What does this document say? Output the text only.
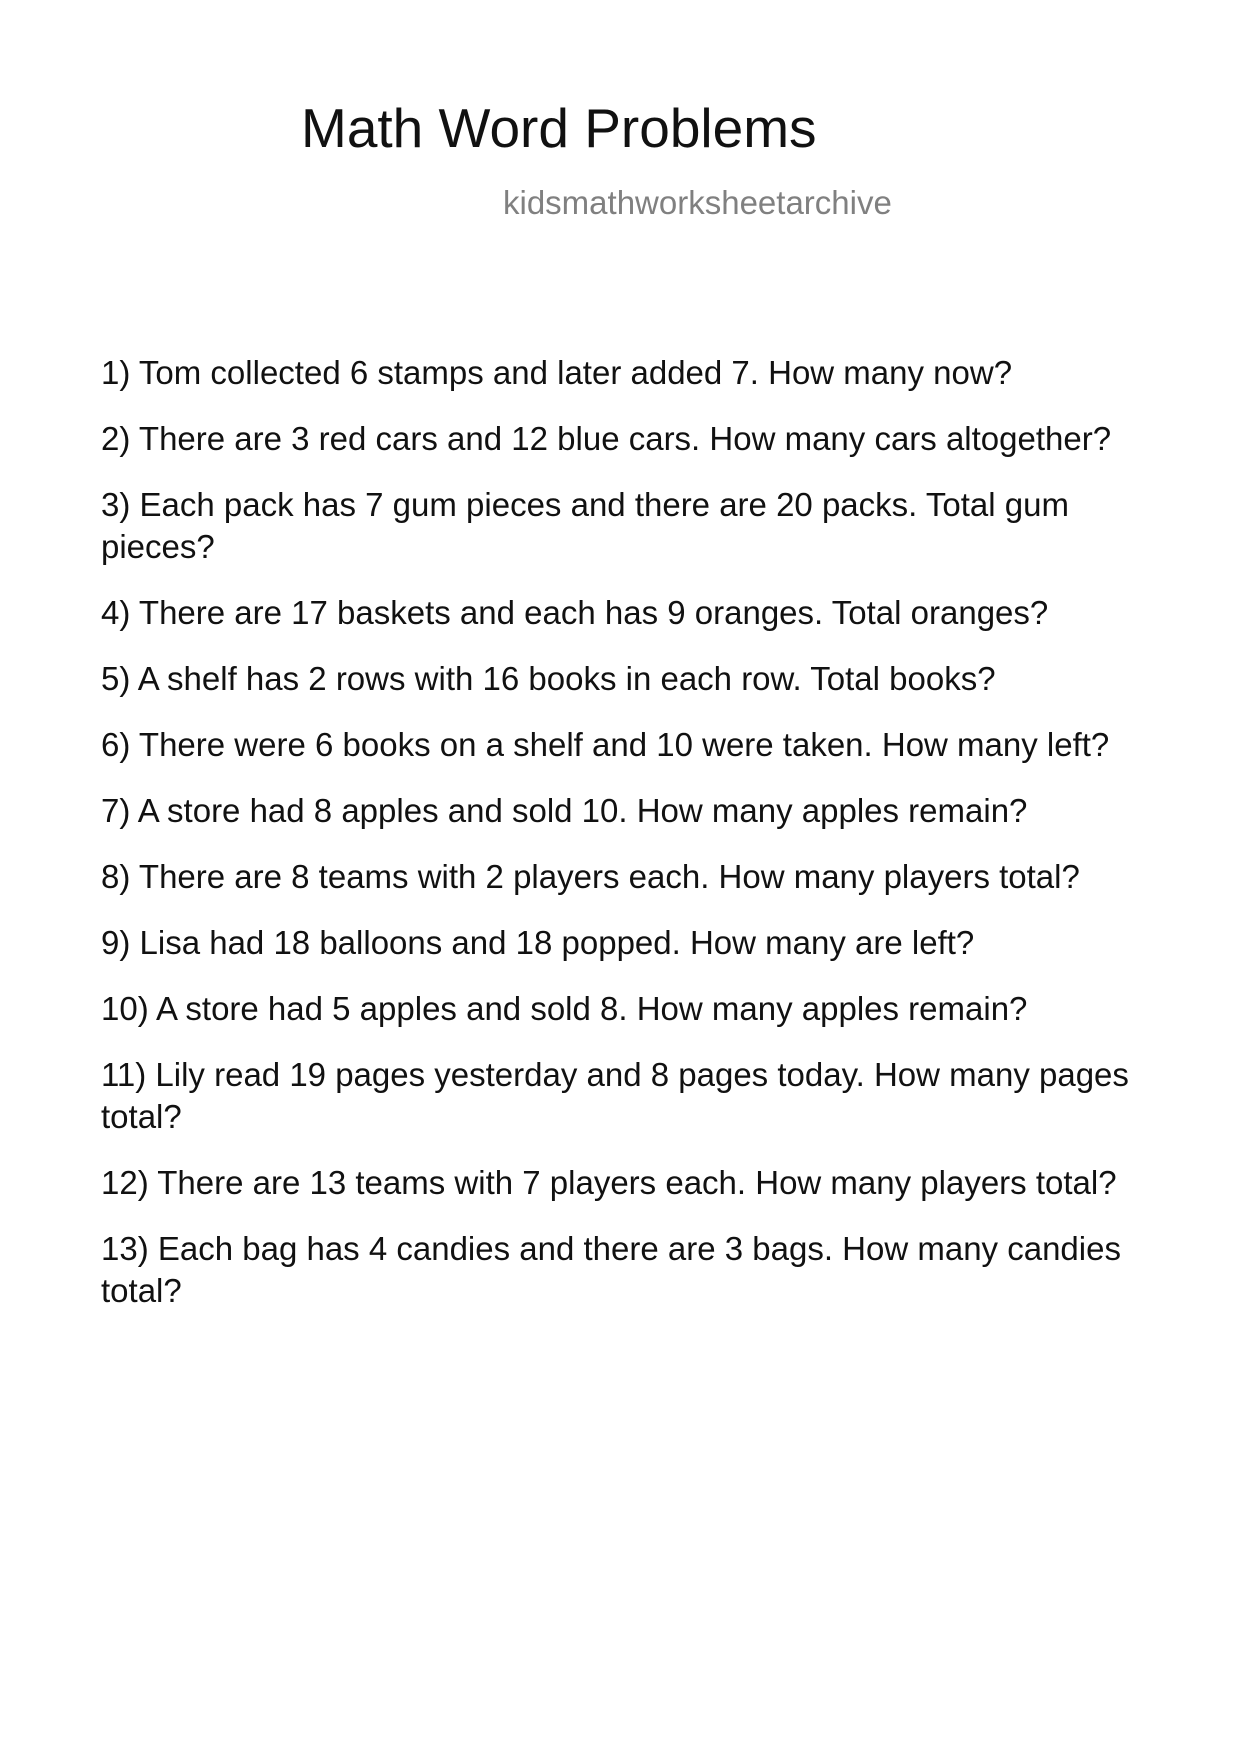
Math Word Problems

kidsmathworksheetarchive

1) Tom collected 6 stamps and later added 7. How many now?
2) There are 3 red cars and 12 blue cars. How many cars altogether?
3) Each pack has 7 gum pieces and there are 20 packs. Total gum pieces?
4) There are 17 baskets and each has 9 oranges. Total oranges?
5) A shelf has 2 rows with 16 books in each row. Total books?
6) There were 6 books on a shelf and 10 were taken. How many left?
7) A store had 8 apples and sold 10. How many apples remain?
8) There are 8 teams with 2 players each. How many players total?
9) Lisa had 18 balloons and 18 popped. How many are left?
10) A store had 5 apples and sold 8. How many apples remain?
11) Lily read 19 pages yesterday and 8 pages today. How many pages total?
12) There are 13 teams with 7 players each. How many players total?
13) Each bag has 4 candies and there are 3 bags. How many candies total?
